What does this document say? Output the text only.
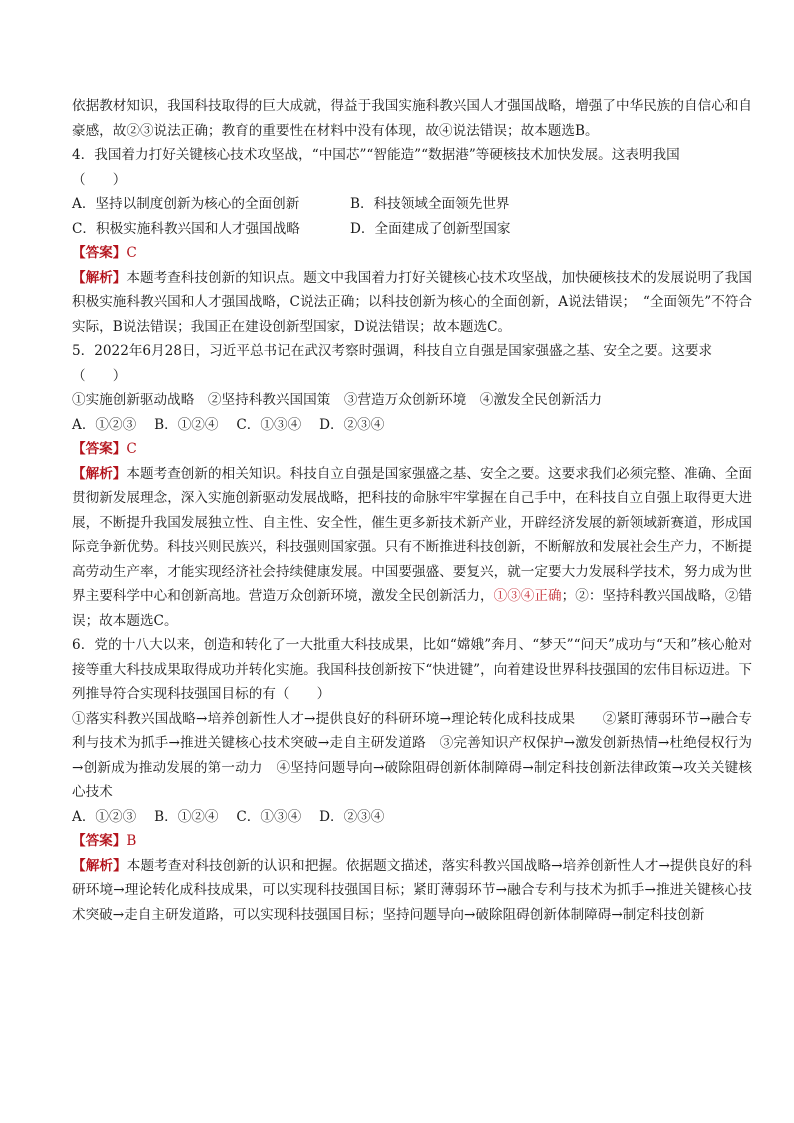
依据教材知识，我国科技取得的巨大成就，得益于我国实施科教兴国人才强国战略，增强了中华民族的自信心和自豪感，故②③说法正确；教育的重要性在材料中没有体现，故④说法错误；故本题选B。

4．我国着力打好关键核心技术攻坚战，“中国芯”“智能造”“数据港”等硬核技术加快发展。这表明我国

（　　）

A．坚持以制度创新为核心的全面创新	B．科技领域全面领先世界
C．积极实施科教兴国和人才强国战略	D．全面建成了创新型国家

【答案】C

【解析】本题考查科技创新的知识点。题文中我国着力打好关键核心技术攻坚战，加快硬核技术的发展说明了我国积极实施科教兴国和人才强国战略，C说法正确；以科技创新为核心的全面创新，A说法错误；　“全面领先”不符合实际，B说法错误；我国正在建设创新型国家，D说法错误；故本题选C。

5．2022年6月28日，习近平总书记在武汉考察时强调，科技自立自强是国家强盛之基、安全之要。这要求

（　　）

①实施创新驱动战略　②坚持科教兴国国策　③营造万众创新环境　④激发全民创新活力

A．①②③　 B．①②④　 C．①③④　 D．②③④

【答案】C

【解析】本题考查创新的相关知识。科技自立自强是国家强盛之基、安全之要。这要求我们必须完整、准确、全面贯彻新发展理念，深入实施创新驱动发展战略，把科技的命脉牢牢掌握在自己手中，在科技自立自强上取得更大进展，不断提升我国发展独立性、自主性、安全性，催生更多新技术新产业，开辟经济发展的新领域新赛道，形成国际竞争新优势。科技兴则民族兴，科技强则国家强。只有不断推进科技创新，不断解放和发展社会生产力，不断提高劳动生产率，才能实现经济社会持续健康发展。中国要强盛、要复兴，就一定要大力发展科学技术，努力成为世界主要科学中心和创新高地。营造万众创新环境，激发全民创新活力，①③④正确；②：坚持科教兴国战略，②错误；故本题选C。

6．党的十八大以来，创造和转化了一大批重大科技成果，比如“嫦娥”奔月、“梦天”“问天”成功与“天和”核心舱对接等重大科技成果取得成功并转化实施。我国科技创新按下“快进键”，向着建设世界科技强国的宏伟目标迈进。下列推导符合实现科技强国目标的有（　　）

①落实科教兴国战略→培养创新性人才→提供良好的科研环境→理论转化成科技成果　　②紧盯薄弱环节→融合专利与技术为抓手→推进关键核心技术突破→走自主研发道路　③完善知识产权保护→激发创新热情→杜绝侵权行为→创新成为推动发展的第一动力　④坚持问题导向→破除阻碍创新体制障碍→制定科技创新法律政策→攻关关键核心技术

A．①②③　 B．①②④　 C．①③④　 D．②③④

【答案】B

【解析】本题考查对科技创新的认识和把握。依据题文描述，落实科教兴国战略→培养创新性人才→提供良好的科研环境→理论转化成科技成果，可以实现科技强国目标；紧盯薄弱环节→融合专利与技术为抓手→推进关键核心技术突破→走自主研发道路，可以实现科技强国目标；坚持问题导向→破除阻碍创新体制障碍→制定科技创新
